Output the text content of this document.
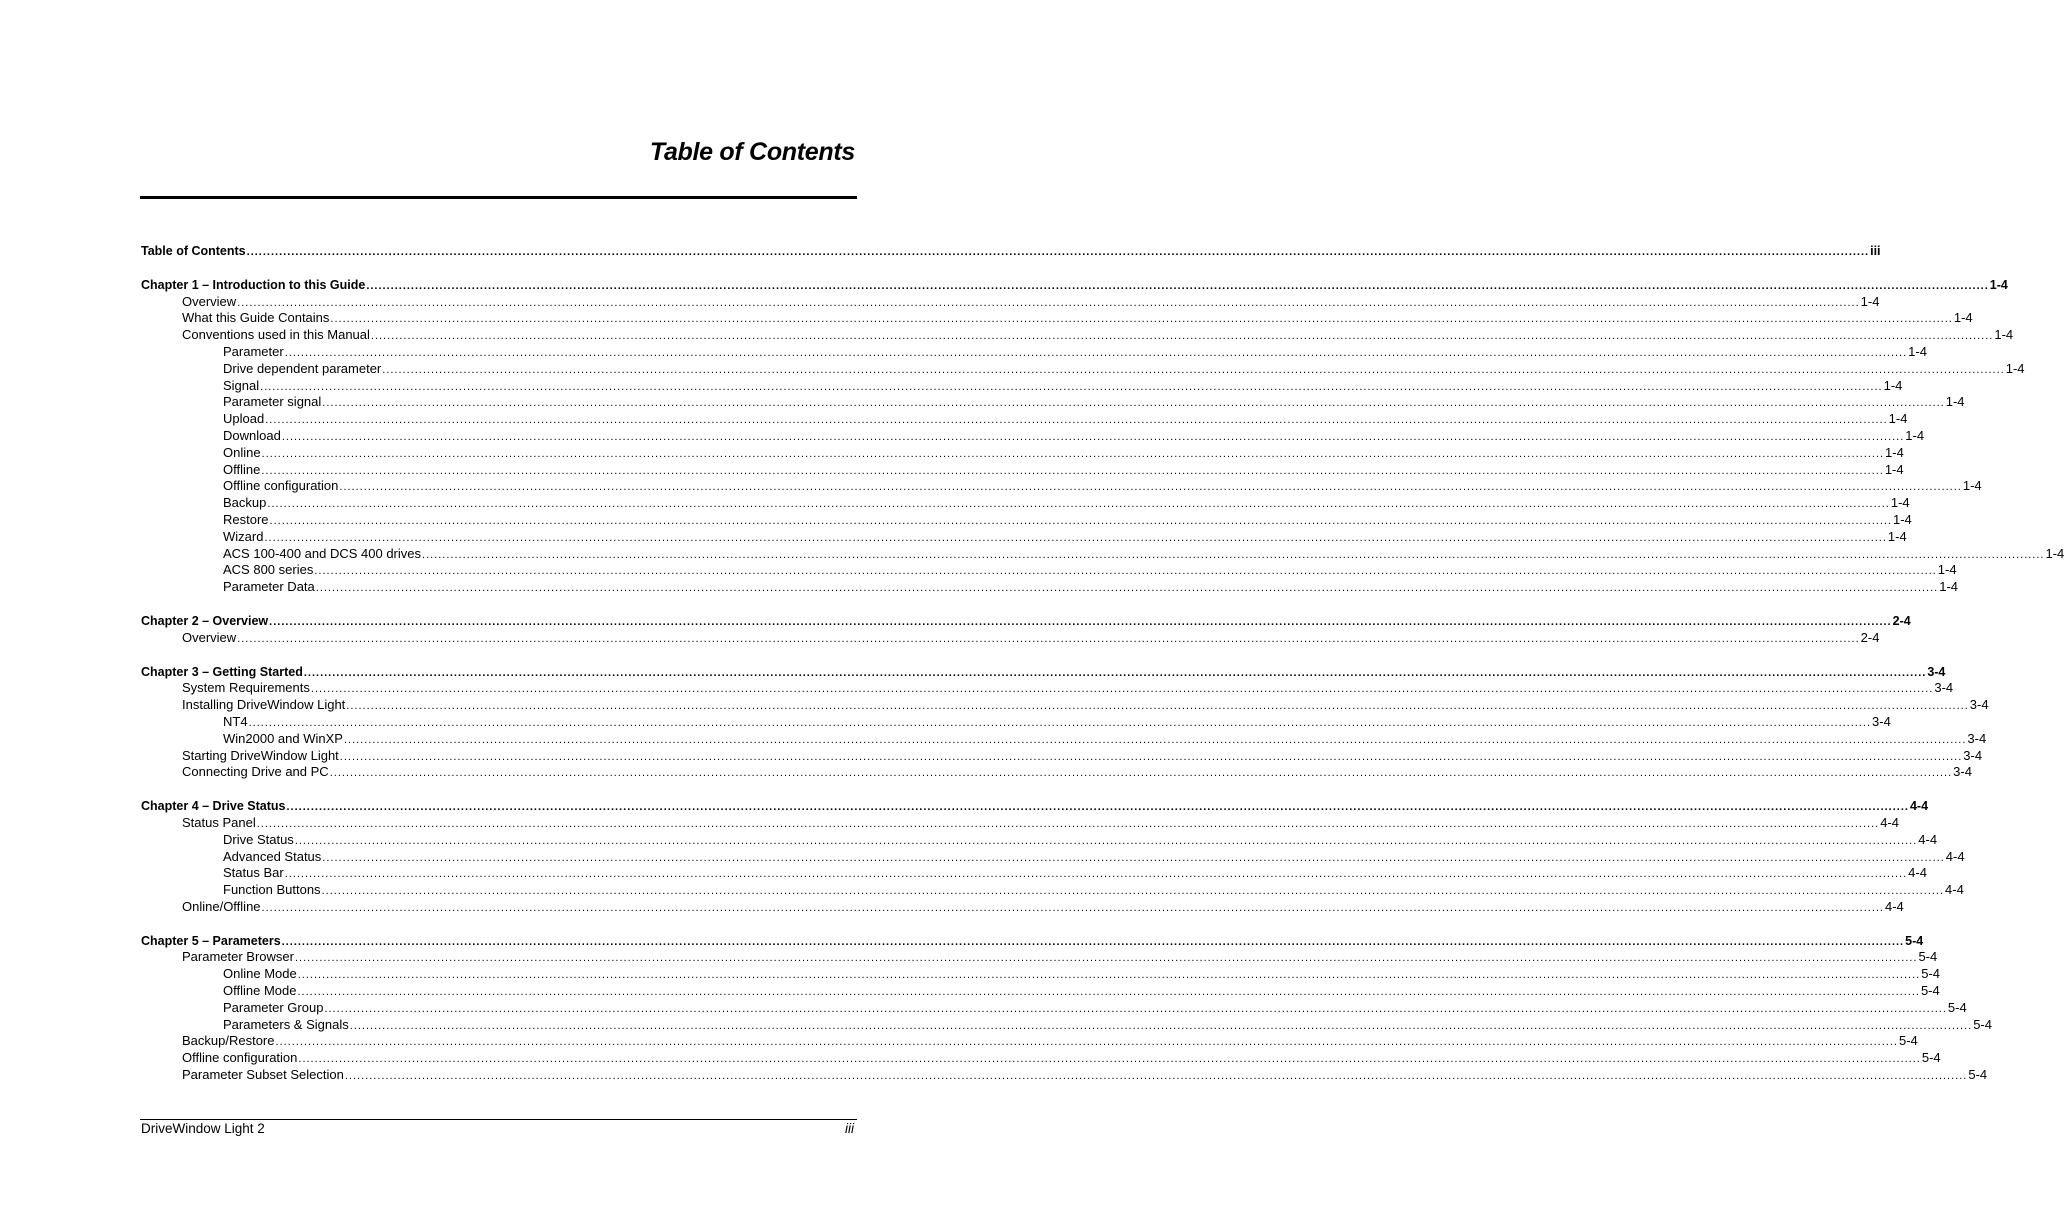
Table of Contents
Table of Contents ................................................................................................................................................................................................................................................................................................................................................................................................................ iii
Chapter 1 – Introduction to this Guide ................................................................................................................................................................................................................................................................................................................................................................................................................ 1-4
Overview ................................................................................................................................................................................................................................................................................................................................................................................................................ 1-4
What this Guide Contains ................................................................................................................................................................................................................................................................................................................................................................................................................ 1-4
Conventions used in this Manual ................................................................................................................................................................................................................................................................................................................................................................................................................ 1-4
Parameter ................................................................................................................................................................................................................................................................................................................................................................................................................ 1-4
Drive dependent parameter ................................................................................................................................................................................................................................................................................................................................................................................................................ 1-4
Signal ................................................................................................................................................................................................................................................................................................................................................................................................................ 1-4
Parameter signal ................................................................................................................................................................................................................................................................................................................................................................................................................ 1-4
Upload ................................................................................................................................................................................................................................................................................................................................................................................................................ 1-4
Download ................................................................................................................................................................................................................................................................................................................................................................................................................ 1-4
Online ................................................................................................................................................................................................................................................................................................................................................................................................................ 1-4
Offline ................................................................................................................................................................................................................................................................................................................................................................................................................ 1-4
Offline configuration ................................................................................................................................................................................................................................................................................................................................................................................................................ 1-4
Backup ................................................................................................................................................................................................................................................................................................................................................................................................................ 1-4
Restore ................................................................................................................................................................................................................................................................................................................................................................................................................ 1-4
Wizard ................................................................................................................................................................................................................................................................................................................................................................................................................ 1-4
ACS 100-400 and DCS 400 drives ................................................................................................................................................................................................................................................................................................................................................................................................................ 1-4
ACS 800 series ................................................................................................................................................................................................................................................................................................................................................................................................................ 1-4
Parameter Data ................................................................................................................................................................................................................................................................................................................................................................................................................ 1-4
Chapter 2 – Overview ................................................................................................................................................................................................................................................................................................................................................................................................................ 2-4
Overview ................................................................................................................................................................................................................................................................................................................................................................................................................ 2-4
Chapter 3 – Getting Started ................................................................................................................................................................................................................................................................................................................................................................................................................ 3-4
System Requirements ................................................................................................................................................................................................................................................................................................................................................................................................................ 3-4
Installing DriveWindow Light ................................................................................................................................................................................................................................................................................................................................................................................................................ 3-4
NT4 ................................................................................................................................................................................................................................................................................................................................................................................................................ 3-4
Win2000 and WinXP ................................................................................................................................................................................................................................................................................................................................................................................................................ 3-4
Starting DriveWindow Light ................................................................................................................................................................................................................................................................................................................................................................................................................ 3-4
Connecting Drive and PC ................................................................................................................................................................................................................................................................................................................................................................................................................ 3-4
Chapter 4 – Drive Status ................................................................................................................................................................................................................................................................................................................................................................................................................ 4-4
Status Panel ................................................................................................................................................................................................................................................................................................................................................................................................................ 4-4
Drive Status ................................................................................................................................................................................................................................................................................................................................................................................................................ 4-4
Advanced Status ................................................................................................................................................................................................................................................................................................................................................................................................................ 4-4
Status Bar ................................................................................................................................................................................................................................................................................................................................................................................................................ 4-4
Function Buttons ................................................................................................................................................................................................................................................................................................................................................................................................................ 4-4
Online/Offline ................................................................................................................................................................................................................................................................................................................................................................................................................ 4-4
Chapter 5 – Parameters ................................................................................................................................................................................................................................................................................................................................................................................................................ 5-4
Parameter Browser ................................................................................................................................................................................................................................................................................................................................................................................................................ 5-4
Online Mode ................................................................................................................................................................................................................................................................................................................................................................................................................ 5-4
Offline Mode ................................................................................................................................................................................................................................................................................................................................................................................................................ 5-4
Parameter Group ................................................................................................................................................................................................................................................................................................................................................................................................................ 5-4
Parameters & Signals ................................................................................................................................................................................................................................................................................................................................................................................................................ 5-4
Backup/Restore ................................................................................................................................................................................................................................................................................................................................................................................................................ 5-4
Offline configuration ................................................................................................................................................................................................................................................................................................................................................................................................................ 5-4
Parameter Subset Selection ................................................................................................................................................................................................................................................................................................................................................................................................................ 5-4
DriveWindow Light 2	iii
